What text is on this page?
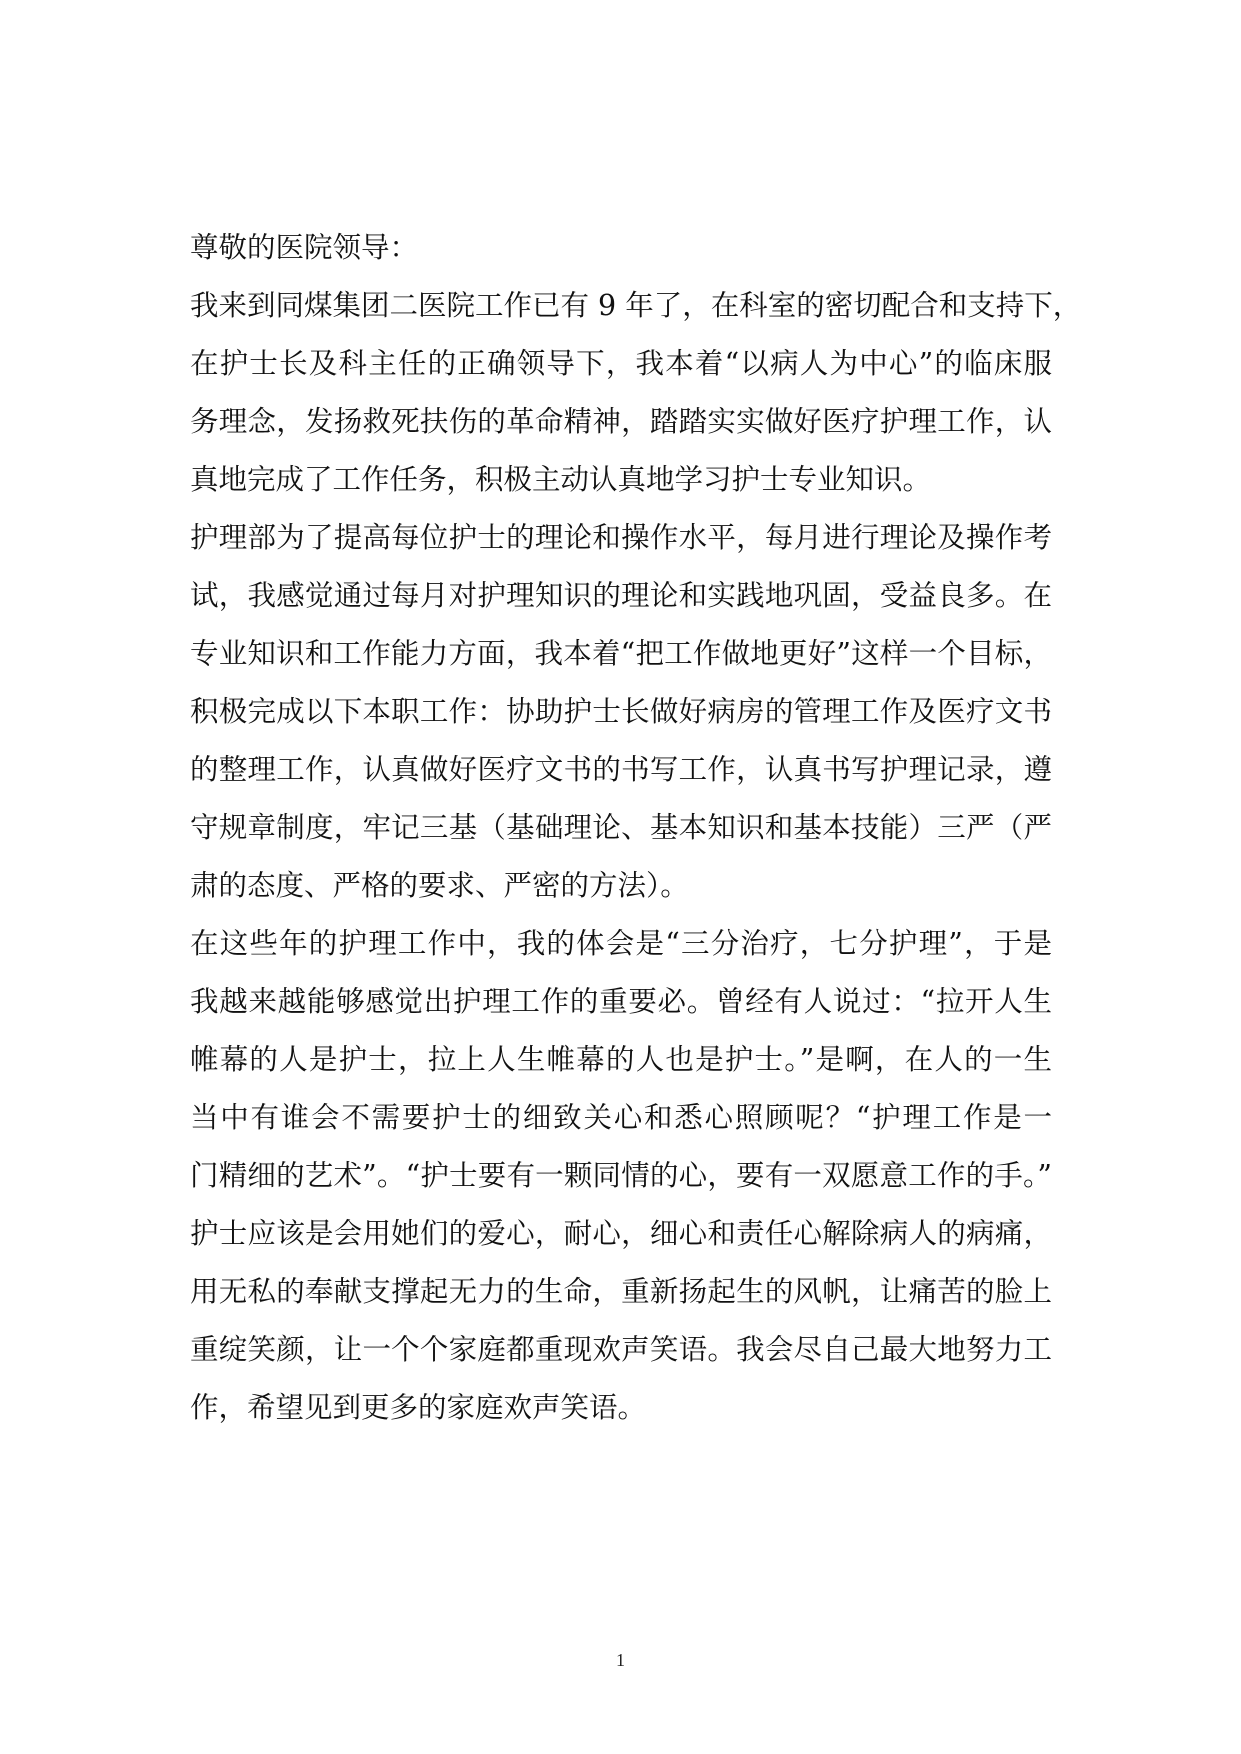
尊敬的医院领导：
我来到同煤集团二医院工作已有 9 年了，在科室的密切配合和支持下，
在护士长及科主任的正确领导下，我本着“以病人为中心”的临床服
务理念，发扬救死扶伤的革命精神，踏踏实实做好医疗护理工作，认
真地完成了工作任务，积极主动认真地学习护士专业知识。
护理部为了提高每位护士的理论和操作水平，每月进行理论及操作考
试，我感觉通过每月对护理知识的理论和实践地巩固，受益良多。在
专业知识和工作能力方面，我本着“把工作做地更好”这样一个目标，
积极完成以下本职工作：协助护士长做好病房的管理工作及医疗文书
的整理工作，认真做好医疗文书的书写工作，认真书写护理记录，遵
守规章制度，牢记三基（基础理论、基本知识和基本技能）三严（严
肃的态度、严格的要求、严密的方法）。
在这些年的护理工作中，我的体会是“三分治疗，七分护理”，于是
我越来越能够感觉出护理工作的重要必。曾经有人说过：“拉开人生
帷幕的人是护士，拉上人生帷幕的人也是护士。”是啊，在人的一生
当中有谁会不需要护士的细致关心和悉心照顾呢？“护理工作是一
门精细的艺术”。“护士要有一颗同情的心，要有一双愿意工作的手。”
护士应该是会用她们的爱心，耐心，细心和责任心解除病人的病痛，
用无私的奉献支撑起无力的生命，重新扬起生的风帆，让痛苦的脸上
重绽笑颜，让一个个家庭都重现欢声笑语。我会尽自己最大地努力工
作，希望见到更多的家庭欢声笑语。
1
